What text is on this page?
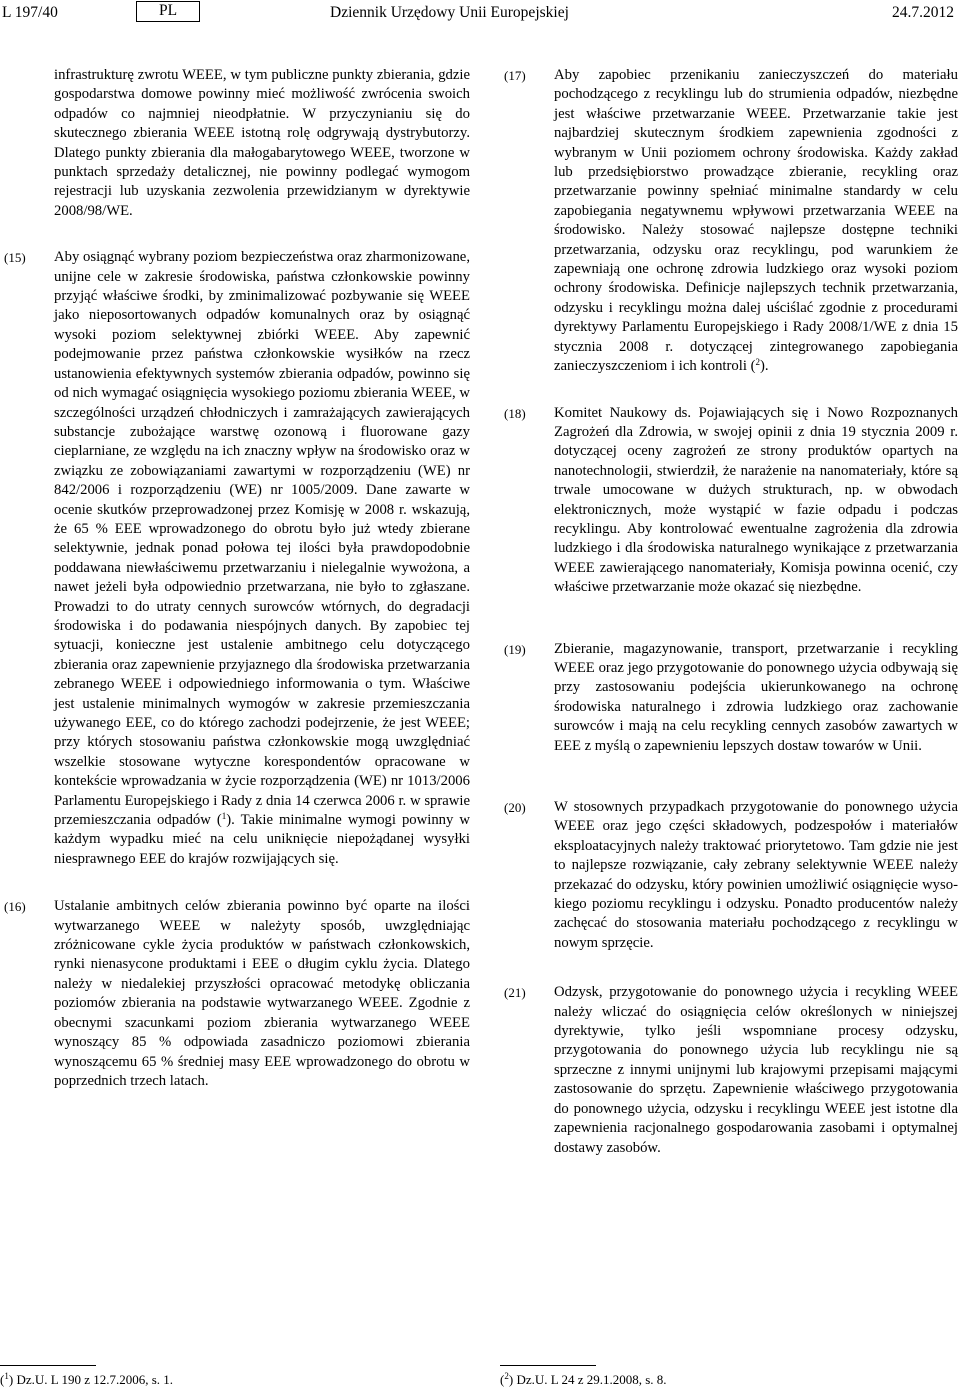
L 197/40	PL	Dziennik Urzędowy Unii Europejskiej	24.7.2012

infrastrukturę zwrotu WEEE, w tym publiczne punkty zbierania, gdzie gospodarstwa domowe powinny mieć możliwość zwrócenia swoich odpadów co najmniej nieodpłatnie. W przyczynianiu się do skutecznego zbierania WEEE istotną rolę odgrywają dystrybutorzy. Dlatego punkty zbierania dla małogabarytowego WEEE, tworzone w punktach sprzedaży detalicznej, nie powinny podlegać wymogom rejestracji lub uzyskania zezwolenia przewidzianym w dyrektywie 2008/98/WE.

(15) Aby osiągnąć wybrany poziom bezpieczeństwa oraz zharmonizowane, unijne cele w zakresie środowiska, państwa członkowskie powinny przyjąć właściwe środki, by zminimalizować pozbywanie się WEEE jako nieposortowanych odpadów komunalnych oraz by osiągnąć wysoki poziom selektywnej zbiórki WEEE. Aby zapewnić podejmowanie przez państwa członkowskie wysiłków na rzecz ustanowienia efektywnych systemów zbierania odpadów, powinno się od nich wymagać osiągnięcia wysokiego poziomu zbierania WEEE, w szczególności urządzeń chłodniczych i zamrażających zawierających substancje zubożające warstwę ozonową i fluorowane gazy cieplarniane, ze względu na ich znaczny wpływ na środowisko oraz w związku ze zobowiązaniami zawartymi w rozporządzeniu (WE) nr 842/2006 i rozporządzeniu (WE) nr 1005/2009. Dane zawarte w ocenie skutków przeprowadzonej przez Komisję w 2008 r. wskazują, że 65 % EEE wprowadzonego do obrotu było już wtedy zbierane selektywnie, jednak ponad połowa tej ilości była prawdopodobnie poddawana niewłaściwemu przetwarzaniu i nielegalnie wywożona, a nawet jeżeli była odpowiednio przetwarzana, nie było to zgłaszane. Prowadzi to do utraty cennych surowców wtórnych, do degradacji środowiska i do podawania niespójnych danych. By zapobiec tej sytuacji, konieczne jest ustalenie ambitnego celu dotyczącego zbierania oraz zapewnienie przyjaznego dla środowiska przetwarzania zebranego WEEE i odpowiedniego informowania o tym. Właściwe jest ustalenie minimalnych wymogów w zakresie przemieszczania używanego EEE, co do którego zachodzi podejrzenie, że jest WEEE; przy których stosowaniu państwa członkowskie mogą uwzględniać wszelkie stosowane wytyczne korespondentów opracowane w kontekście wprowadzania w życie rozporządzenia (WE) nr 1013/2006 Parlamentu Europejskiego i Rady z dnia 14 czerwca 2006 r. w sprawie przemieszczania odpadów ($^1$). Takie minimalne wymogi powinny w każdym wypadku mieć na celu uniknięcie niepożądanej wysyłki niesprawnego EEE do krajów rozwijających się.

(16) Ustalanie ambitnych celów zbierania powinno być oparte na ilości wytwarzanego WEEE w należyty sposób, uwzględniając zróżnicowane cykle życia produktów w państwach członkowskich, rynki nienasycone produktami i EEE o długim cyklu życia. Dlatego należy w niedalekiej przyszłości opracować metodykę obliczania poziomów zbierania na podstawie wytwarzanego WEEE. Zgodnie z obecnymi szacunkami poziom zbierania wytwarzanego WEEE wynoszący 85 % odpowiada zasadniczo poziomowi zbierania wynoszącemu 65 % średniej masy EEE wprowadzonego do obrotu w poprzednich trzech latach.

(17) Aby zapobiec przenikaniu zanieczyszczeń do materiału pochodzącego z recyklingu lub do strumienia odpadów, niezbędne jest właściwe przetwarzanie WEEE. Przetwarzanie takie jest najbardziej skutecznym środkiem zapewnienia zgodności z wybranym w Unii poziomem ochrony środowiska. Każdy zakład lub przedsiębiorstwo prowadzące zbieranie, recykling oraz przetwarzanie powinny spełniać minimalne standardy w celu zapobiegania negatywnemu wpływowi przetwarzania WEEE na środowisko. Należy stosować najlepsze dostępne techniki przetwarzania, odzysku oraz recyklingu, pod warunkiem że zapewniają one ochronę zdrowia ludzkiego oraz wysoki poziom ochrony środowiska. Definicje najlepszych technik przetwarzania, odzysku i recyklingu można dalej uściślać zgodnie z procedurami dyrektywy Parlamentu Europejskiego i Rady 2008/1/WE z dnia 15 stycznia 2008 r. dotyczącej zintegrowanego zapobiegania zanieczyszczeniom i ich kontroli ($^2$).

(18) Komitet Naukowy ds. Pojawiających się i Nowo Rozpoznanych Zagrożeń dla Zdrowia, w swojej opinii z dnia 19 stycznia 2009 r. dotyczącej oceny zagrożeń ze strony produktów opartych na nanotechnologii, stwierdził, że narażenie na nanomateriały, które są trwale umocowane w dużych strukturach, np. w obwodach elektronicznych, może wystąpić w fazie odpadu i podczas recyklingu. Aby kontrolować ewentualne zagrożenia dla zdrowia ludzkiego i dla środowiska naturalnego wynikające z przetwarzania WEEE zawierającego nanomateriały, Komisja powinna ocenić, czy właściwe przetwarzanie może okazać się niezbędne.

(19) Zbieranie, magazynowanie, transport, przetwarzanie i recykling WEEE oraz jego przygotowanie do ponownego użycia odbywają się przy zastosowaniu podejścia ukierunkowanego na ochronę środowiska naturalnego i zdrowia ludzkiego oraz zachowanie surowców i mają na celu recykling cennych zasobów zawartych w EEE z myślą o zapewnieniu lepszych dostaw towarów w Unii.

(20) W stosownych przypadkach przygotowanie do ponownego użycia WEEE oraz jego części składowych, podzespołów i materiałów eksploatacyjnych należy traktować priorytetowo. Tam gdzie nie jest to najlepsze rozwiązanie, cały zebrany selektywnie WEEE należy przekazać do odzysku, który powinien umożliwić osiągnięcie wysokiego poziomu recyklingu i odzysku. Ponadto producentów należy zachęcać do stosowania materiału pochodzącego z recyklingu w nowym sprzęcie.

(21) Odzysk, przygotowanie do ponownego użycia i recykling WEEE należy wliczać do osiągnięcia celów określonych w niniejszej dyrektywie, tylko jeśli wspomniane procesy odzysku, przygotowania do ponownego użycia lub recyklingu nie są sprzeczne z innymi unijnymi lub krajowymi przepisami mającymi zastosowanie do sprzętu. Zapewnienie właściwego przygotowania do ponownego użycia, odzysku i recyklingu WEEE jest istotne dla zapewnienia racjonalnego gospodarowania zasobami i optymalnej dostawy zasobów.

($^1$) Dz.U. L 190 z 12.7.2006, s. 1.	($^2$) Dz.U. L 24 z 29.1.2008, s. 8.
